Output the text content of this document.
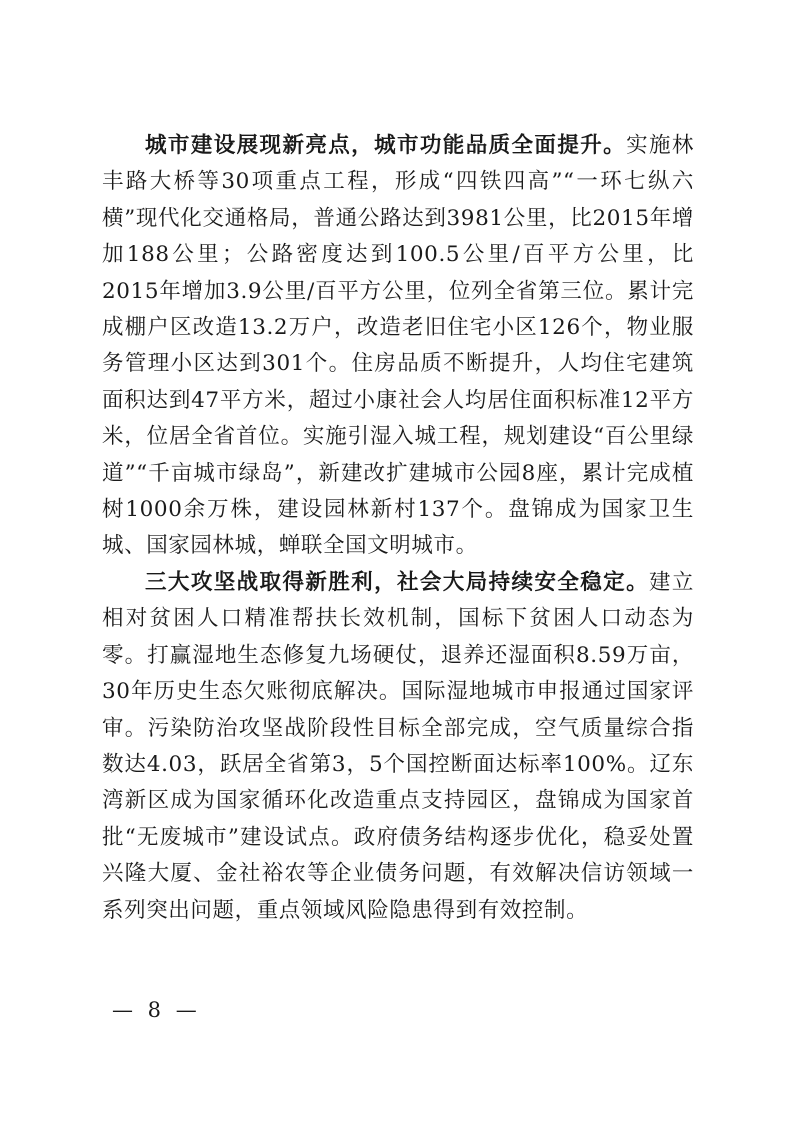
城市建设展现新亮点，城市功能品质全面提升。实施林丰路大桥等30项重点工程，形成“四铁四高”“一环七纵六横”现代化交通格局，普通公路达到3981公里，比2015年增加188公里；公路密度达到100.5公里/百平方公里，比2015年增加3.9公里/百平方公里，位列全省第三位。累计完成棚户区改造13.2万户，改造老旧住宅小区126个，物业服务管理小区达到301个。住房品质不断提升，人均住宅建筑面积达到47平方米，超过小康社会人均居住面积标准12平方米，位居全省首位。实施引湿入城工程，规划建设“百公里绿道”“千亩城市绿岛”，新建改扩建城市公园8座，累计完成植树1000余万株，建设园林新村137个。盘锦成为国家卫生城、国家园林城，蝉联全国文明城市。

三大攻坚战取得新胜利，社会大局持续安全稳定。建立相对贫困人口精准帮扶长效机制，国标下贫困人口动态为零。打赢湿地生态修复九场硬仗，退养还湿面积8.59万亩，30年历史生态欠账彻底解决。国际湿地城市申报通过国家评审。污染防治攻坚战阶段性目标全部完成，空气质量综合指数达4.03，跃居全省第3，5个国控断面达标率100%。辽东湾新区成为国家循环化改造重点支持园区，盘锦成为国家首批“无废城市”建设试点。政府债务结构逐步优化，稳妥处置兴隆大厦、金社裕农等企业债务问题，有效解决信访领域一系列突出问题，重点领域风险隐患得到有效控制。

— 8 —
